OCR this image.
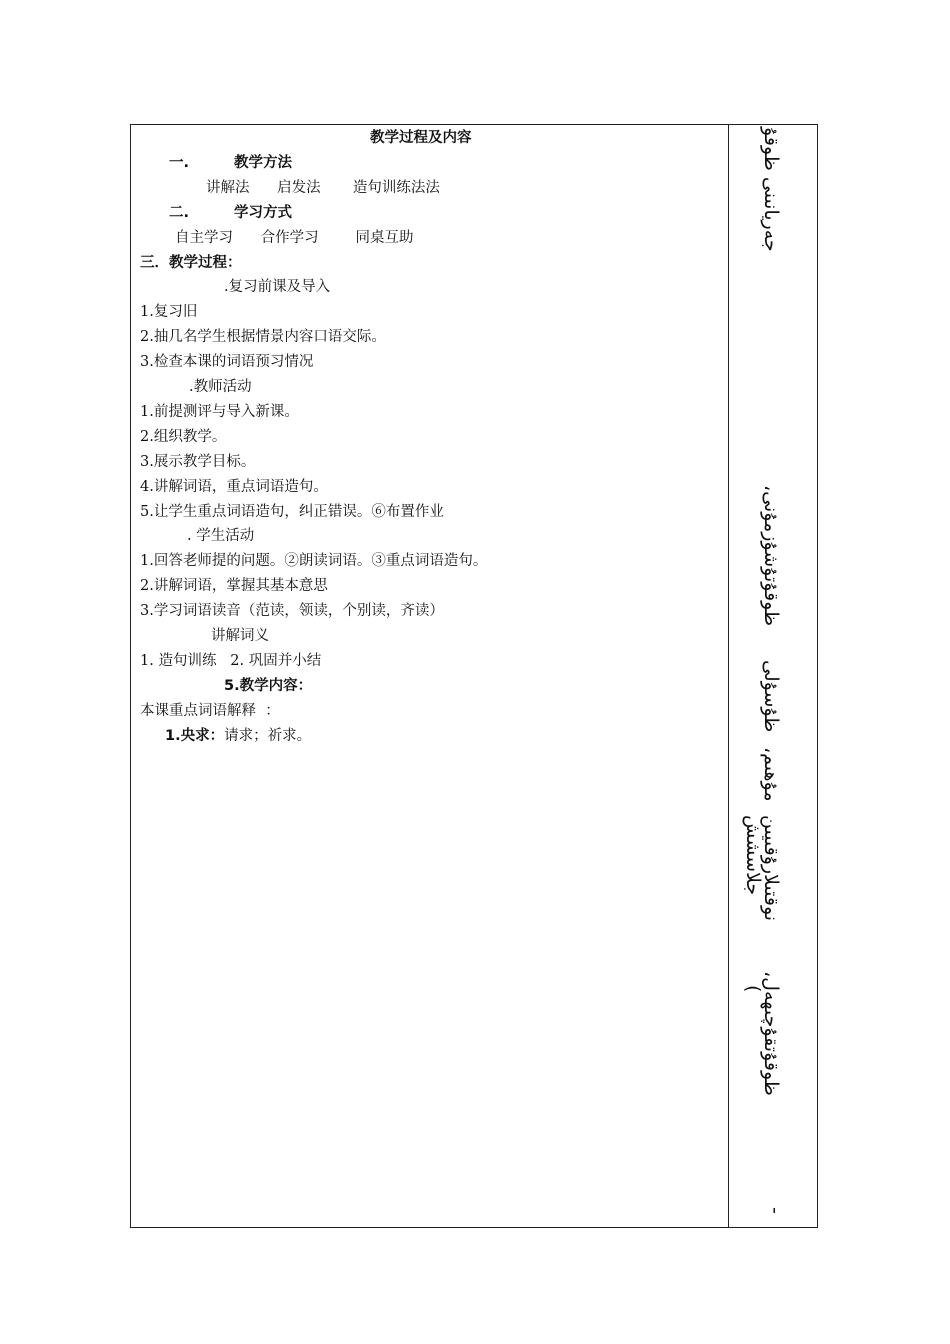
教学过程及内容
一.	教学方法
讲解法      启发法       造句训练法法
二.	学习方式
自主学习      合作学习        同桌互助
三．教学过程：
.复习前课及导入
1.复习旧
2.抽几名学生根据情景内容口语交际。
3.检查本课的词语预习情况
.教师活动
1.前提测评与导入新课。
2.组织教学。
3.展示教学目标。
4.讲解词语，重点词语造句。
5.让学生重点词语造句，纠正错误。⑥布置作业
. 学生活动
1.回答老师提的问题。②朗读词语。③重点词语造句。
2.讲解词语，掌握其基本意思
3.学习词语读音（范读，领读，个别读，齐读）
讲解词义
1. 造句训练   2. 巩固并小结
5.教学内容：
本课重点词语解释  ：
1.央求：请求；祈求。
جەريانىنى ظوقۇ
،ظوقۇتۇشۇزمۇنى
ظۇسۇلى
،مۇھىم
نوقتىلارۇقىيىن
جلاسشش
،ظوقۇتقۇچىھەل
(
-
